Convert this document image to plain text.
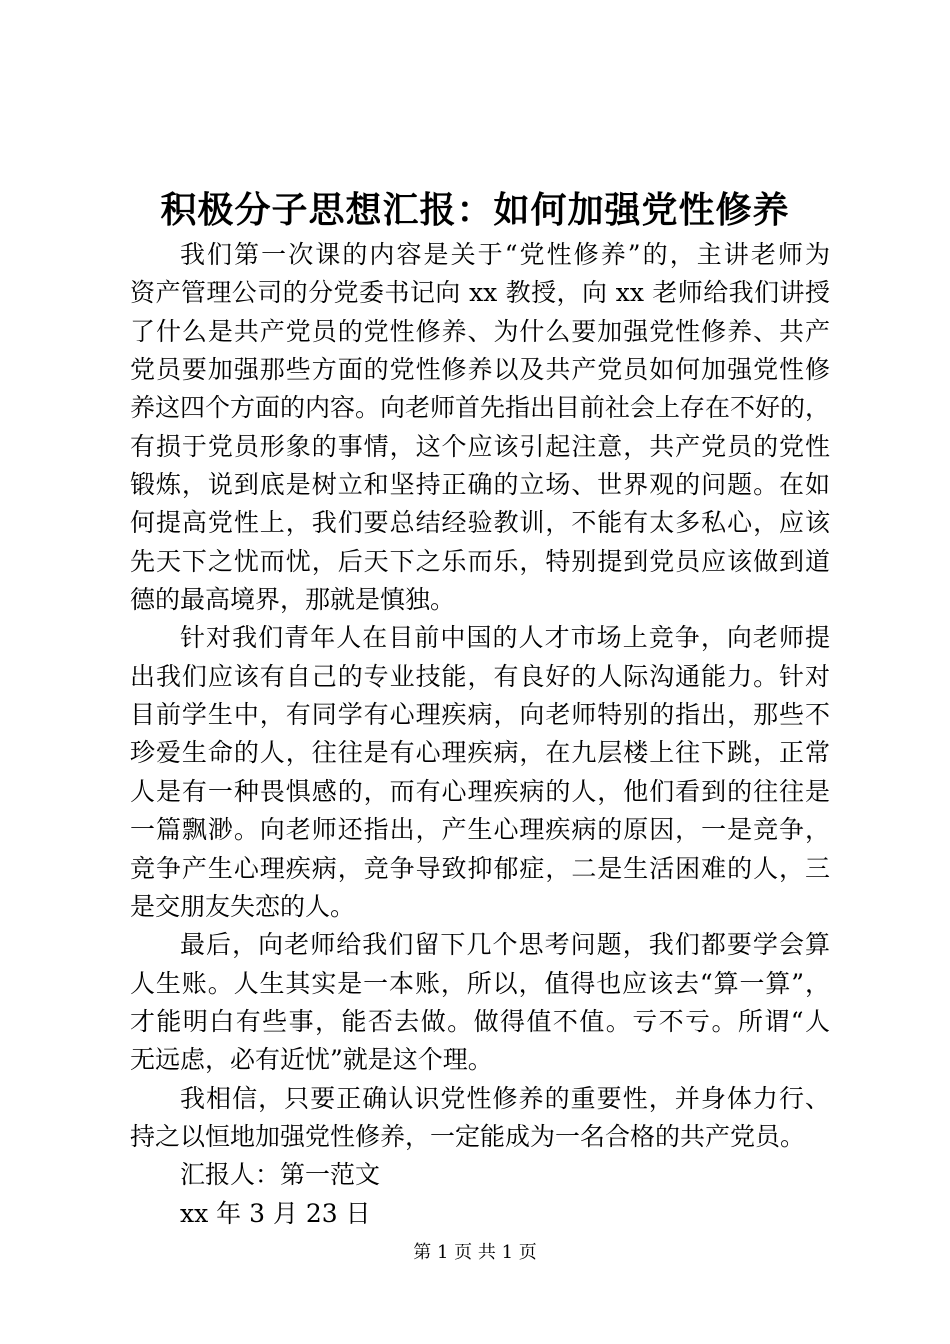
积极分子思想汇报：如何加强党性修养
我们第一次课的内容是关于“党性修养”的，主讲老师为
资产管理公司的分党委书记向 xx 教授，向 xx 老师给我们讲授
了什么是共产党员的党性修养、为什么要加强党性修养、共产
党员要加强那些方面的党性修养以及共产党员如何加强党性修
养这四个方面的内容。向老师首先指出目前社会上存在不好的，
有损于党员形象的事情，这个应该引起注意，共产党员的党性
锻炼，说到底是树立和坚持正确的立场、世界观的问题。在如
何提高党性上，我们要总结经验教训，不能有太多私心，应该
先天下之忧而忧，后天下之乐而乐，特别提到党员应该做到道
德的最高境界，那就是慎独。
针对我们青年人在目前中国的人才市场上竞争，向老师提
出我们应该有自己的专业技能，有良好的人际沟通能力。针对
目前学生中，有同学有心理疾病，向老师特别的指出，那些不
珍爱生命的人，往往是有心理疾病，在九层楼上往下跳，正常
人是有一种畏惧感的，而有心理疾病的人，他们看到的往往是
一篇飘渺。向老师还指出，产生心理疾病的原因，一是竞争，
竞争产生心理疾病，竞争导致抑郁症，二是生活困难的人，三
是交朋友失恋的人。
最后，向老师给我们留下几个思考问题，我们都要学会算
人生账。人生其实是一本账，所以，值得也应该去“算一算”，
才能明白有些事，能否去做。做得值不值。亏不亏。所谓“人
无远虑，必有近忧”就是这个理。
我相信，只要正确认识党性修养的重要性，并身体力行、
持之以恒地加强党性修养，一定能成为一名合格的共产党员。
汇报人：第一范文
xx 年 3 月 23 日
第 1 页 共 1 页
